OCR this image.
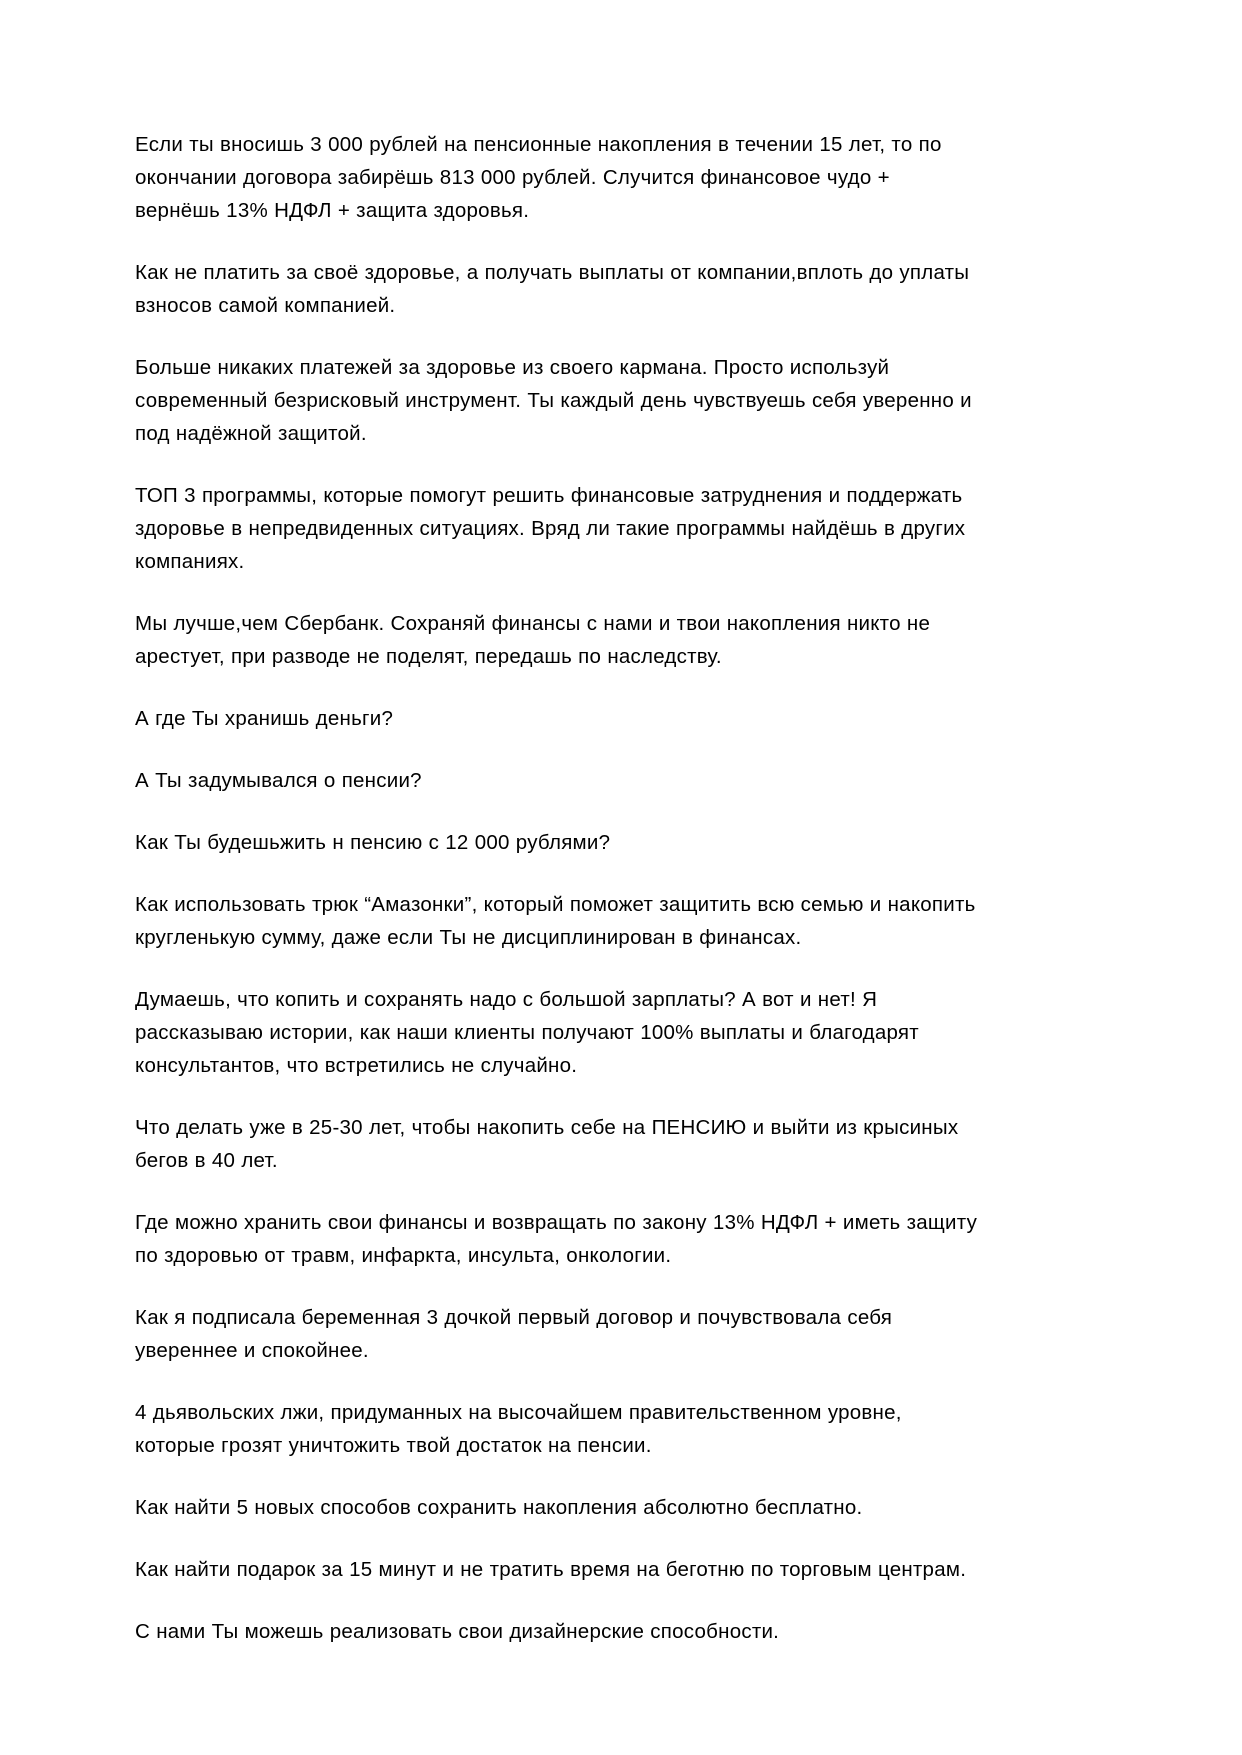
Если ты вносишь 3 000 рублей на пенсионные накопления в течении 15 лет, то по окончании договора забирёшь 813 000 рублей. Случится финансовое чудо + вернёшь 13% НДФЛ + защита здоровья.

Как не платить за своё здоровье, а получать выплаты от компании,вплоть до уплаты взносов самой компанией.

Больше никаких платежей за здоровье из своего кармана. Просто используй современный безрисковый инструмент. Ты каждый день чувствуешь себя уверенно и под надёжной защитой.

ТОП 3 программы, которые помогут решить финансовые затруднения и поддержать здоровье в непредвиденных ситуациях. Вряд ли такие программы найдёшь в других компаниях.

Мы лучше,чем Сбербанк. Сохраняй финансы с нами и твои накопления никто не арестует, при разводе не поделят, передашь по наследству.

А где Ты хранишь деньги?

А Ты задумывался о пенсии?

Как Ты будешьжить н пенсию с 12 000 рублями?

Как использовать трюк “Амазонки”, который поможет защитить всю семью и накопить кругленькую сумму, даже если Ты не дисциплинирован в финансах.

Думаешь, что копить и сохранять надо с большой зарплаты? А вот и нет! Я рассказываю истории, как наши клиенты получают 100% выплаты и благодарят консультантов, что встретились не случайно.

Что делать уже в 25-30 лет, чтобы накопить себе на ПЕНСИЮ и выйти из крысиных бегов в 40 лет.

Где можно хранить свои финансы и возвращать по закону 13% НДФЛ + иметь защиту по здоровью от травм, инфаркта, инсульта, онкологии.

Как я подписала беременная 3 дочкой первый договор и почувствовала себя увереннее и спокойнее.

4 дьявольских лжи, придуманных на высочайшем правительственном уровне, которые грозят уничтожить твой достаток на пенсии.

Как найти 5 новых способов сохранить накопления абсолютно бесплатно.

Как найти подарок за 15 минут и не тратить время на беготню по торговым центрам.

С нами Ты можешь реализовать свои дизайнерские способности.
